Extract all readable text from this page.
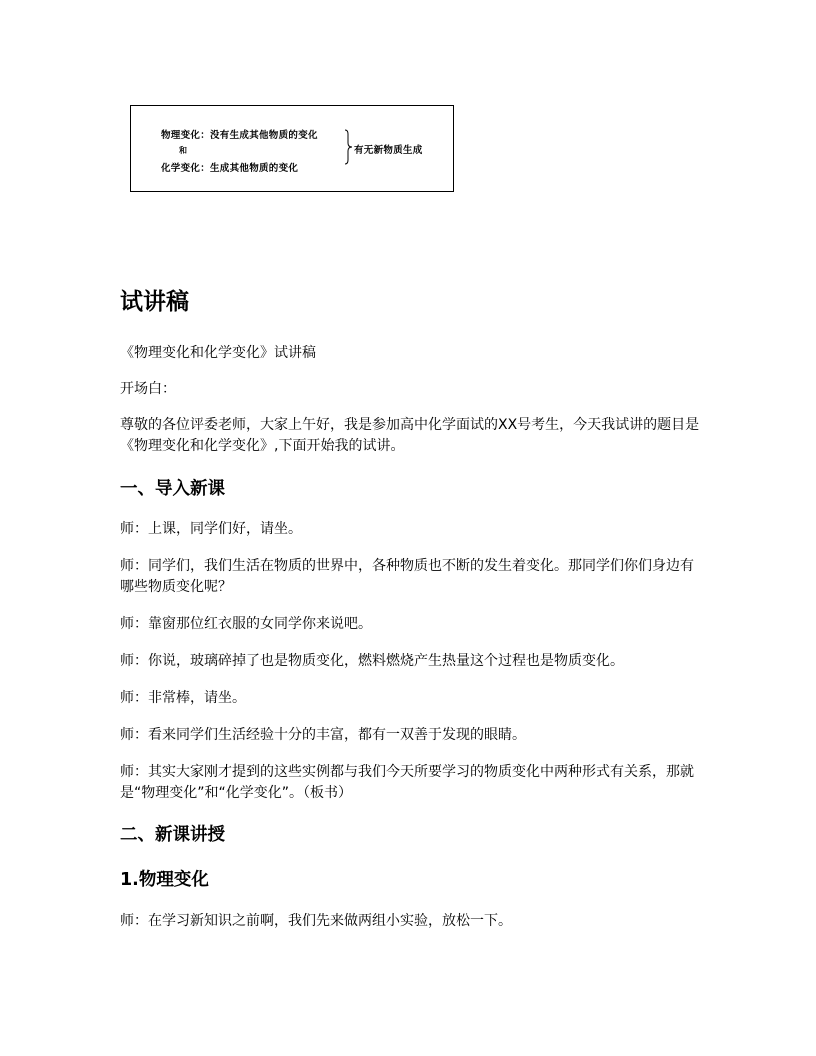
物理变化：没有生成其他物质的变化
和
化学变化：生成其他物质的变化
有无新物质生成
试讲稿

《物理变化和化学变化》试讲稿

开场白：

尊敬的各位评委老师，大家上午好，我是参加高中化学面试的XX号考生，今天我试讲的题目是《物理变化和化学变化》,下面开始我的试讲。

一、导入新课

师：上课，同学们好，请坐。

师：同学们，我们生活在物质的世界中，各种物质也不断的发生着变化。那同学们你们身边有哪些物质变化呢？

师：靠窗那位红衣服的女同学你来说吧。

师：你说，玻璃碎掉了也是物质变化，燃料燃烧产生热量这个过程也是物质变化。

师：非常棒，请坐。

师：看来同学们生活经验十分的丰富，都有一双善于发现的眼睛。

师：其实大家刚才提到的这些实例都与我们今天所要学习的物质变化中两种形式有关系，那就是“物理变化”和“化学变化”。（板书）

二、新课讲授
1.物理变化

师：在学习新知识之前啊，我们先来做两组小实验，放松一下。
